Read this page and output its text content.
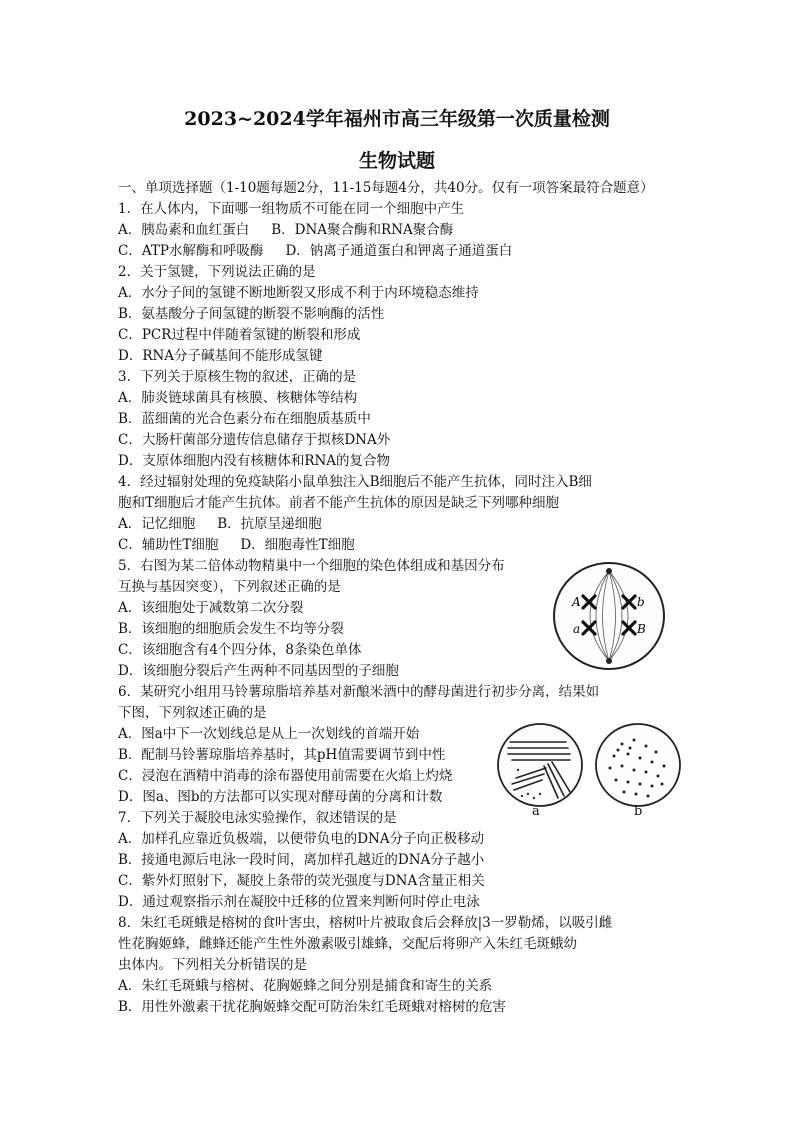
2023~2024学年福州市高三年级第一次质量检测
生物试题
一、单项选择题（1-10题每题2分，11-15每题4分，共40分。仅有一项答案最符合题意）
1．在人体内，下面哪一组物质不可能在同一个细胞中产生
A．胰岛素和血红蛋白 B．DNA聚合酶和RNA聚合酶
C．ATP水解酶和呼吸酶 D．钠离子通道蛋白和钾离子通道蛋白
2．关于氢键，下列说法正确的是
A．水分子间的氢键不断地断裂又形成不利于内环境稳态维持
B．氨基酸分子间氢键的断裂不影响酶的活性
C．PCR过程中伴随着氢键的断裂和形成
D．RNA分子碱基间不能形成氢键
3．下列关于原核生物的叙述，正确的是
A．肺炎链球菌具有核膜、核糖体等结构
B．蓝细菌的光合色素分布在细胞质基质中
C．大肠杆菌部分遗传信息储存于拟核DNA外
D．支原体细胞内没有核糖体和RNA的复合物
4．经过辐射处理的免疫缺陷小鼠单独注入B细胞后不能产生抗体，同时注入B细
胞和T细胞后才能产生抗体。前者不能产生抗体的原因是缺乏下列哪种细胞
A．记忆细胞 B．抗原呈递细胞
C．辅助性T细胞 D．细胞毒性T细胞
5．右图为某二倍体动物精巢中一个细胞的染色体组成和基因分布
互换与基因突变），下列叙述正确的是
A．该细胞处于减数第二次分裂
B．该细胞的细胞质会发生不均等分裂
C．该细胞含有4个四分体，8条染色单体
D．该细胞分裂后产生两种不同基因型的子细胞
6．某研究小组用马铃薯琼脂培养基对新酿米酒中的酵母菌进行初步分离，结果如
下图，下列叙述正确的是
A．图a中下一次划线总是从上一次划线的首端开始
B．配制马铃薯琼脂培养基时，其pH值需要调节到中性
C．浸泡在酒精中消毒的涂布器使用前需要在火焰上灼烧
D．图a、图b的方法都可以实现对酵母菌的分离和计数
7．下列关于凝胶电泳实验操作，叙述错误的是
A．加样孔应靠近负极端，以便带负电的DNA分子向正极移动
B．接通电源后电泳一段时间，离加样孔越近的DNA分子越小
C．紫外灯照射下，凝胶上条带的荧光强度与DNA含量正相关
D．通过观察指示剂在凝胶中迁移的位置来判断何时停止电泳
8．朱红毛斑蛾是榕树的食叶害虫，榕树叶片被取食后会释放|3一罗勒烯，以吸引雌
性花胸姬蜂，雌蜂还能产生性外激素吸引雄蜂，交配后将卵产入朱红毛斑蛾幼
虫体内。下列相关分析错误的是
A．朱红毛斑蛾与榕树、花胸姬蜂之间分别是捕食和寄生的关系
B．用性外激素干扰花胸姬蜂交配可防治朱红毛斑蛾对榕树的危害
A
a
b
B
a	b
